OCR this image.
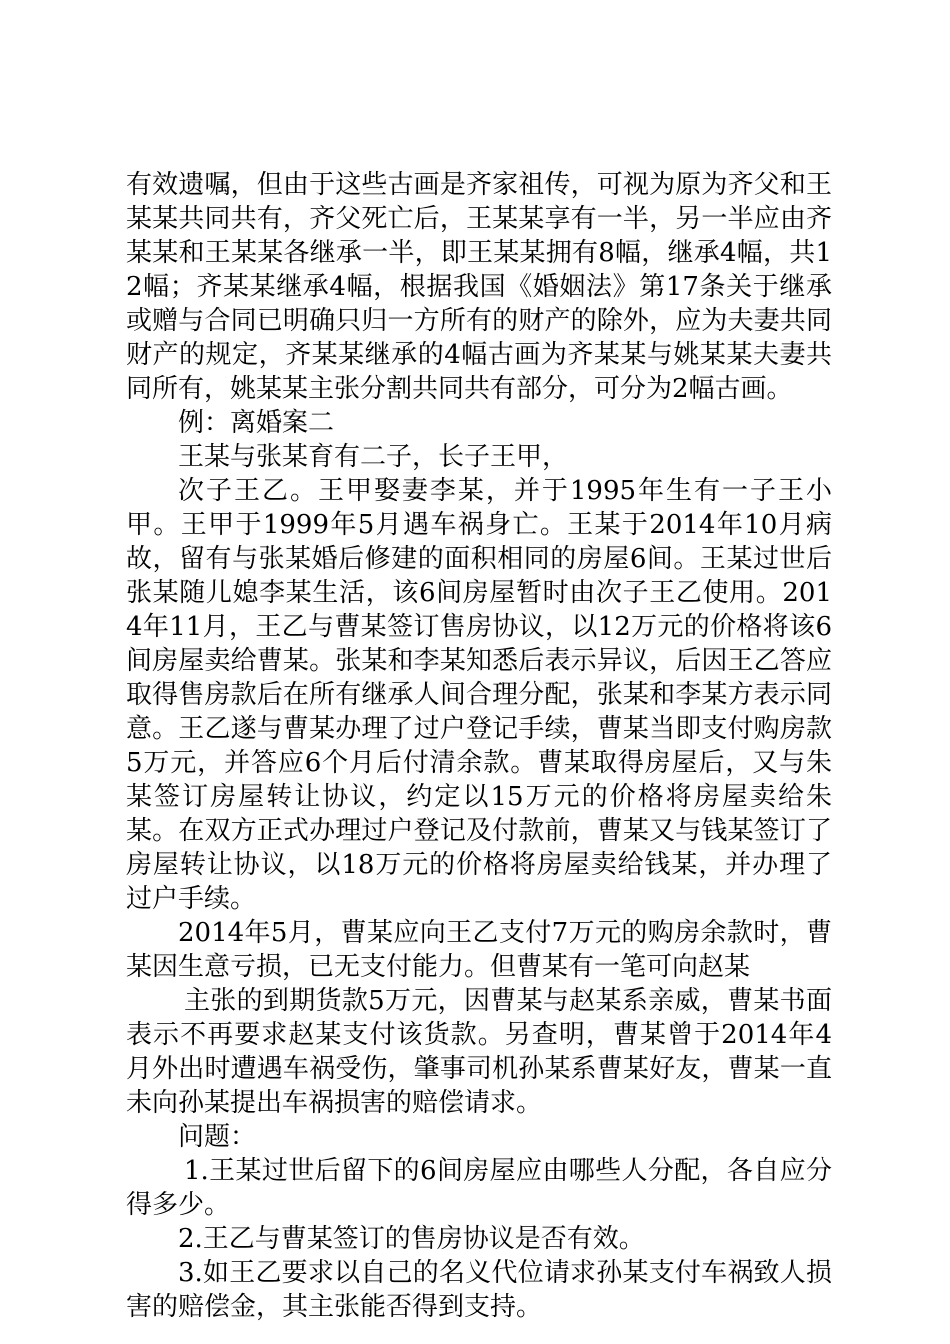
有效遗嘱，但由于这些古画是齐家祖传，可视为原为齐父和王某某共同共有，齐父死亡后，王某某享有一半，另一半应由齐某某和王某某各继承一半，即王某某拥有8幅，继承4幅，共12幅；齐某某继承4幅，根据我国《婚姻法》第17条关于继承或赠与合同已明确只归一方所有的财产的除外，应为夫妻共同财产的规定，齐某某继承的4幅古画为齐某某与姚某某夫妻共同所有，姚某某主张分割共同共有部分，可分为2幅古画。

例：离婚案二

王某与张某育有二子，长子王甲，

次子王乙。王甲娶妻李某，并于1995年生有一子王小甲。王甲于1999年5月遇车祸身亡。王某于2014年10月病故，留有与张某婚后修建的面积相同的房屋6间。王某过世后张某随儿媳李某生活，该6间房屋暂时由次子王乙使用。2014年11月，王乙与曹某签订售房协议，以12万元的价格将该6间房屋卖给曹某。张某和李某知悉后表示异议，后因王乙答应取得售房款后在所有继承人间合理分配，张某和李某方表示同意。王乙遂与曹某办理了过户登记手续，曹某当即支付购房款5万元，并答应6个月后付清余款。曹某取得房屋后，又与朱某签订房屋转让协议，约定以15万元的价格将房屋卖给朱某。在双方正式办理过户登记及付款前，曹某又与钱某签订了房屋转让协议，以18万元的价格将房屋卖给钱某，并办理了过户手续。

2014年5月，曹某应向王乙支付7万元的购房余款时，曹某因生意亏损，已无支付能力。但曹某有一笔可向赵某

主张的到期货款5万元，因曹某与赵某系亲威，曹某书面表示不再要求赵某支付该货款。另查明，曹某曾于2014年4月外出时遭遇车祸受伤，肇事司机孙某系曹某好友，曹某一直未向孙某提出车祸损害的赔偿请求。

问题：

1.王某过世后留下的6间房屋应由哪些人分配，各自应分得多少。

2.王乙与曹某签订的售房协议是否有效。

3.如王乙要求以自己的名义代位请求孙某支付车祸致人损害的赔偿金，其主张能否得到支持。
